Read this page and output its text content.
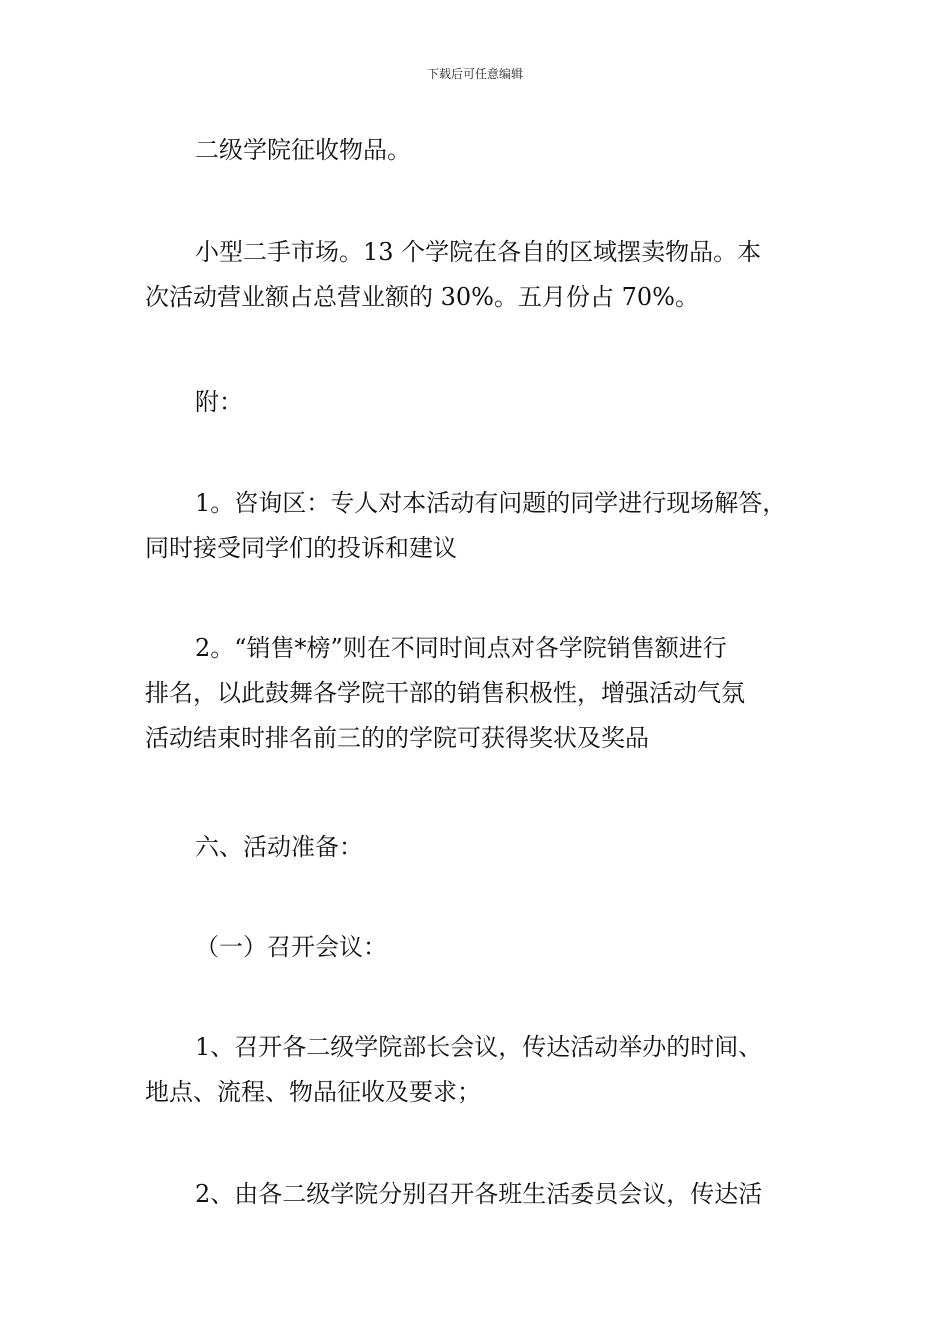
下载后可任意编辑

二级学院征收物品。

小型二手市场。13 个学院在各自的区域摆卖物品。本
次活动营业额占总营业额的 30%。五月份占 70%。

附：

1。咨询区：专人对本活动有问题的同学进行现场解答，
同时接受同学们的投诉和建议

2。“销售*榜”则在不同时间点对各学院销售额进行
排名，以此鼓舞各学院干部的销售积极性，增强活动气氛
活动结束时排名前三的的学院可获得奖状及奖品

六、活动准备：

（一）召开会议：

1、召开各二级学院部长会议，传达活动举办的时间、
地点、流程、物品征收及要求；

2、由各二级学院分别召开各班生活委员会议，传达活
